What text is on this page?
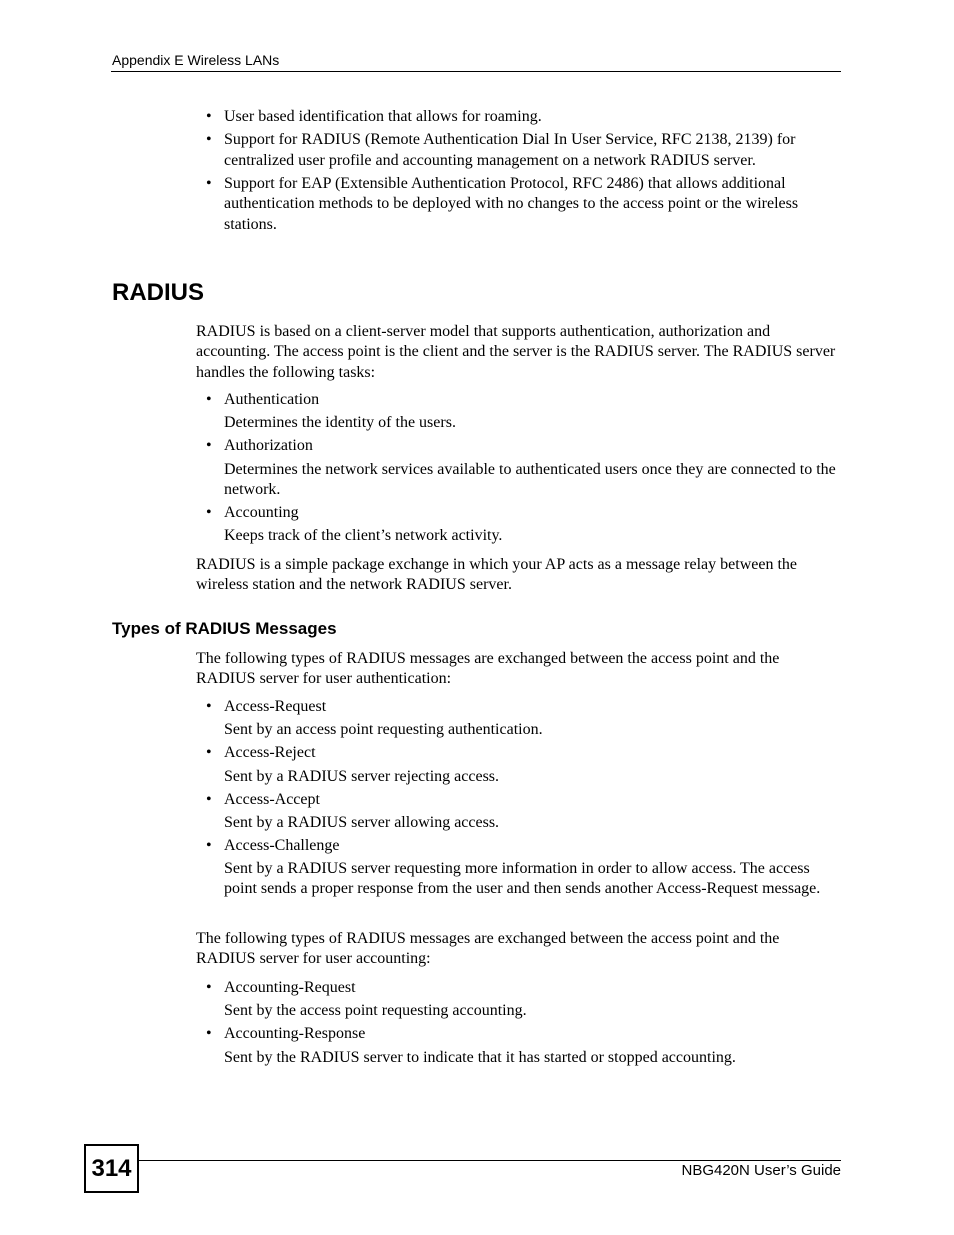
Appendix E Wireless LANs
• User based identification that allows for roaming.
• Support for RADIUS (Remote Authentication Dial In User Service, RFC 2138, 2139) for centralized user profile and accounting management on a network RADIUS server.
• Support for EAP (Extensible Authentication Protocol, RFC 2486) that allows additional authentication methods to be deployed with no changes to the access point or the wireless stations.
RADIUS

RADIUS is based on a client-server model that supports authentication, authorization and accounting. The access point is the client and the server is the RADIUS server. The RADIUS server handles the following tasks:

• Authentication
Determines the identity of the users.
• Authorization
Determines the network services available to authenticated users once they are connected to the network.
• Accounting
Keeps track of the client’s network activity.

RADIUS is a simple package exchange in which your AP acts as a message relay between the wireless station and the network RADIUS server.

Types of RADIUS Messages

The following types of RADIUS messages are exchanged between the access point and the RADIUS server for user authentication:

• Access-Request
Sent by an access point requesting authentication.
• Access-Reject
Sent by a RADIUS server rejecting access.
• Access-Accept
Sent by a RADIUS server allowing access.
• Access-Challenge
Sent by a RADIUS server requesting more information in order to allow access. The access point sends a proper response from the user and then sends another Access-Request message.

The following types of RADIUS messages are exchanged between the access point and the RADIUS server for user accounting:

• Accounting-Request
Sent by the access point requesting accounting.
• Accounting-Response
Sent by the RADIUS server to indicate that it has started or stopped accounting.
314	NBG420N User’s Guide
